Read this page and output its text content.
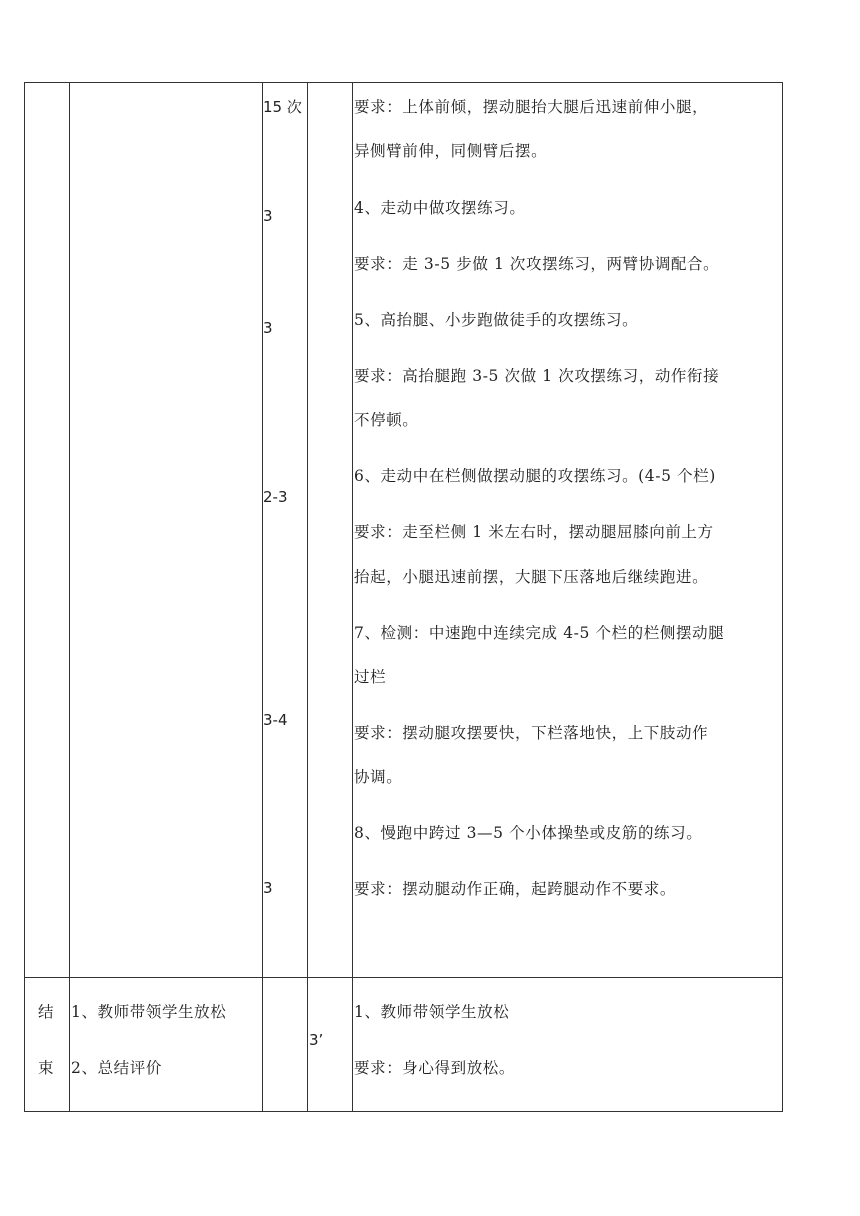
15 次
3
3
2-3
3-4
3
要求：上体前倾，摆动腿抬大腿后迅速前伸小腿，
异侧臂前伸，同侧臂后摆。
4、走动中做攻摆练习。
要求：走 3-5 步做 1 次攻摆练习，两臂协调配合。
5、高抬腿、小步跑做徒手的攻摆练习。
要求：高抬腿跑 3-5 次做 1 次攻摆练习，动作衔接
不停顿。
6、走动中在栏侧做摆动腿的攻摆练习。(4-5 个栏)
要求：走至栏侧 1 米左右时，摆动腿屈膝向前上方
抬起，小腿迅速前摆，大腿下压落地后继续跑进。
7、检测：中速跑中连续完成 4-5 个栏的栏侧摆动腿
过栏
要求：摆动腿攻摆要快，下栏落地快，上下肢动作
协调。
8、慢跑中跨过 3—5 个小体操垫或皮筋的练习。
要求：摆动腿动作正确，起跨腿动作不要求。
结
束
1、教师带领学生放松
2、总结评价
3’
1、教师带领学生放松
要求：身心得到放松。
